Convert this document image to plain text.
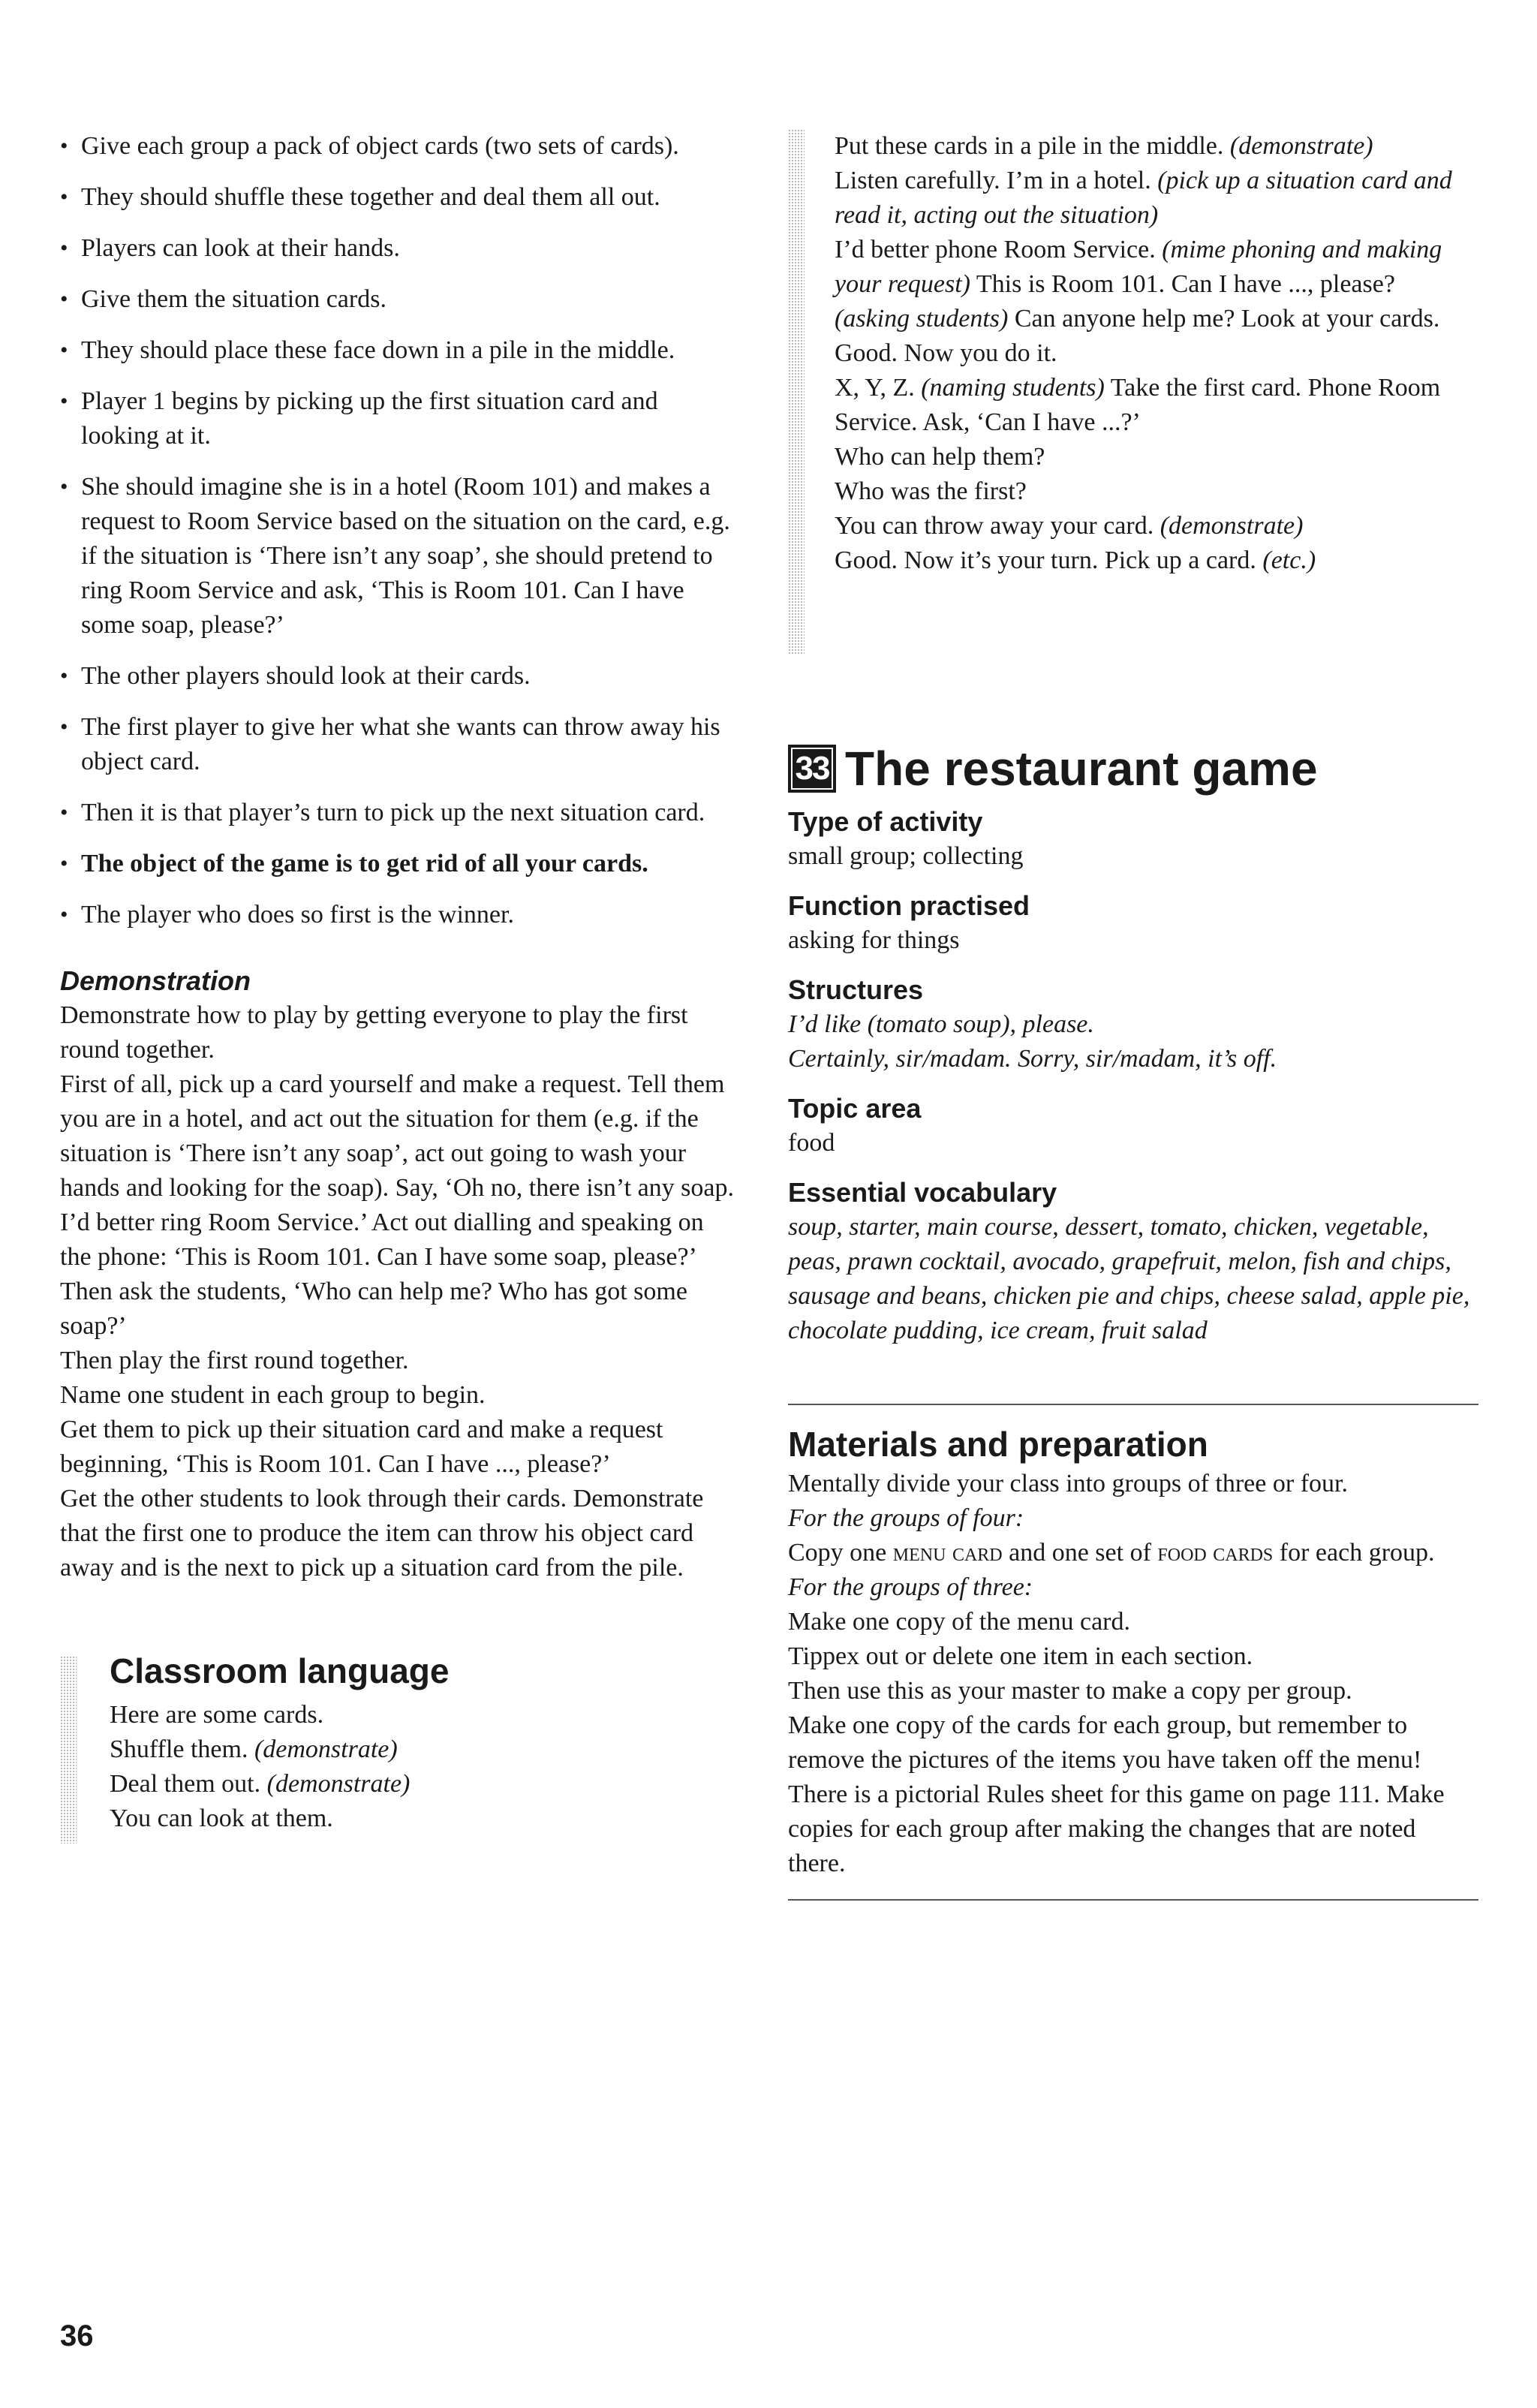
• Give each group a pack of object cards (two sets of cards).
• They should shuffle these together and deal them all out.
• Players can look at their hands.
• Give them the situation cards.
• They should place these face down in a pile in the middle.
• Player 1 begins by picking up the first situation card and looking at it.
• She should imagine she is in a hotel (Room 101) and makes a request to Room Service based on the situation on the card, e.g. if the situation is ‘There isn’t any soap’, she should pretend to ring Room Service and ask, ‘This is Room 101. Can I have some soap, please?’
• The other players should look at their cards.
• The first player to give her what she wants can throw away his object card.
• Then it is that player’s turn to pick up the next situation card.
• The object of the game is to get rid of all your cards.
• The player who does so first is the winner.
Demonstration

Demonstrate how to play by getting everyone to play the first round together.

First of all, pick up a card yourself and make a request. Tell them you are in a hotel, and act out the situation for them (e.g. if the situation is ‘There isn’t any soap’, act out going to wash your hands and looking for the soap). Say, ‘Oh no, there isn’t any soap. I’d better ring Room Service.’ Act out dialling and speaking on the phone: ‘This is Room 101. Can I have some soap, please?’

Then ask the students, ‘Who can help me? Who has got some soap?’

Then play the first round together.

Name one student in each group to begin.

Get them to pick up their situation card and make a request beginning, ‘This is Room 101. Can I have ..., please?’

Get the other students to look through their cards. Demonstrate that the first one to produce the item can throw his object card away and is the next to pick up a situation card from the pile.

Classroom language

Here are some cards.

Shuffle them. (demonstrate)

Deal them out. (demonstrate)

You can look at them.

Put these cards in a pile in the middle. (demonstrate)

Listen carefully. I’m in a hotel. (pick up a situation card and read it, acting out the situation)

I’d better phone Room Service. (mime phoning and making your request) This is Room 101. Can I have ..., please?

(asking students) Can anyone help me? Look at your cards.

Good. Now you do it.

X, Y, Z. (naming students) Take the first card. Phone Room Service. Ask, ‘Can I have ...?’

Who can help them?

Who was the first?

You can throw away your card. (demonstrate)

Good. Now it’s your turn. Pick up a card. (etc.)

33 The restaurant game
Type of activity
small group; collecting
Function practised
asking for things
Structures
I’d like (tomato soup), please.
Certainly, sir/madam. Sorry, sir/madam, it’s off.
Topic area
food
Essential vocabulary
soup, starter, main course, dessert, tomato, chicken, vegetable, peas, prawn cocktail, avocado, grapefruit, melon, fish and chips, sausage and beans, chicken pie and chips, cheese salad, apple pie, chocolate pudding, ice cream, fruit salad
Materials and preparation

Mentally divide your class into groups of three or four.

For the groups of four:

Copy one menu card and one set of food cards for each group.

For the groups of three:

Make one copy of the menu card.

Tippex out or delete one item in each section.

Then use this as your master to make a copy per group.

Make one copy of the cards for each group, but remember to remove the pictures of the items you have taken off the menu!

There is a pictorial Rules sheet for this game on page 111. Make copies for each group after making the changes that are noted there.

36
